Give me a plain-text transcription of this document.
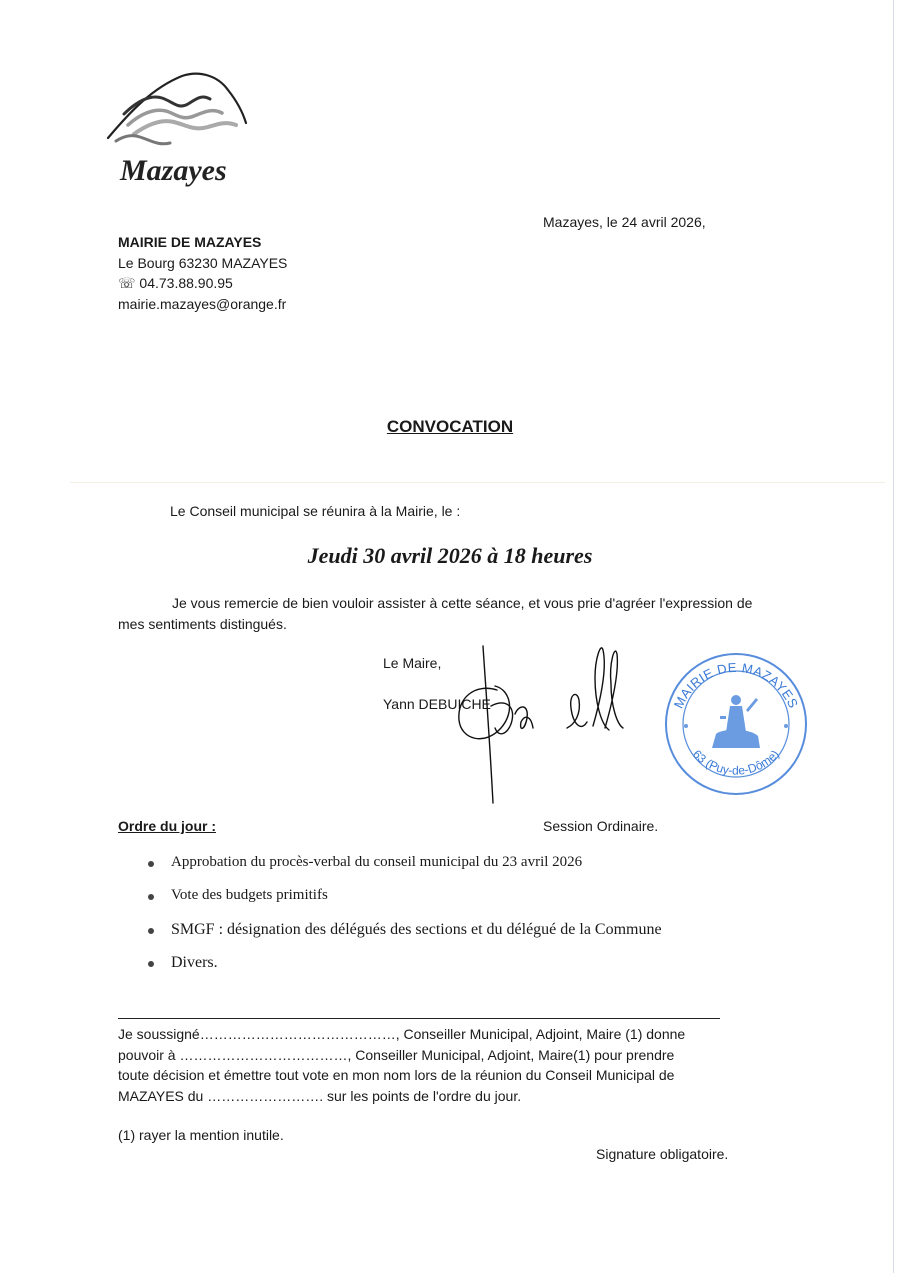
Mazayes
Mazayes, le 24 avril 2026,
MAIRIE DE MAZAYES
Le Bourg 63230 MAZAYES
☏ 04.73.88.90.95
mairie.mazayes@orange.fr
CONVOCATION
Le Conseil municipal se réunira à la Mairie, le :
Jeudi 30 avril 2026 à 18 heures
Je vous remercie de bien vouloir assister à cette séance, et vous prie d'agréer l'expression de mes sentiments distingués.
Le Maire,
Yann DEBUICHE	MAIRIE DE MAZAYES
63 (Puy-de-Dôme)
Ordre du jour :	Session Ordinaire.
Approbation du procès-verbal du conseil municipal du 23 avril 2026
Vote des budgets primitifs
SMGF : désignation des délégués des sections et du délégué de la Commune
Divers.
Je soussigné……………………………………, Conseiller Municipal, Adjoint, Maire (1) donne
pouvoir à ………………………………, Conseiller Municipal, Adjoint, Maire(1) pour prendre
toute décision et émettre tout vote en mon nom lors de la réunion du Conseil Municipal de
MAZAYES du ……………………. sur les points de l'ordre du jour.
(1) rayer la mention inutile.
Signature obligatoire.
